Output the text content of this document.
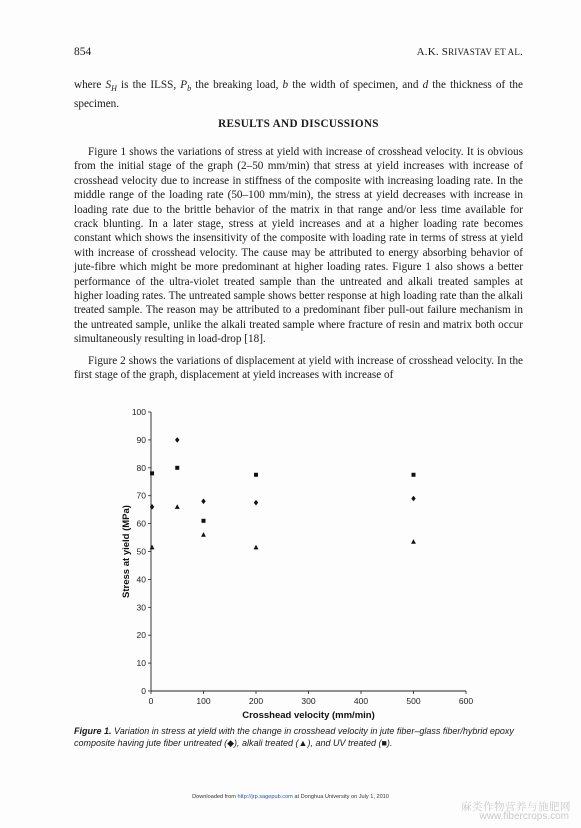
854	A.K. SRIVASTAV ET AL.
where $S_H$ is the ILSS, $P_b$ the breaking load, b the width of specimen, and d the thickness of the specimen.
RESULTS AND DISCUSSIONS
Figure 1 shows the variations of stress at yield with increase of crosshead velocity. It is obvious from the initial stage of the graph (2–50 mm/min) that stress at yield increases with increase of crosshead velocity due to increase in stiffness of the composite with increasing loading rate. In the middle range of the loading rate (50–100 mm/min), the stress at yield decreases with increase in loading rate due to the brittle behavior of the matrix in that range and/or less time available for crack blunting. In a later stage, stress at yield increases and at a higher loading rate becomes constant which shows the insensitivity of the composite with loading rate in terms of stress at yield with increase of crosshead velocity. The cause may be attributed to energy absorbing behavior of jute-fibre which might be more predominant at higher loading rates. Figure 1 also shows a better performance of the ultra-violet treated sample than the untreated and alkali treated samples at higher loading rates. The untreated sample shows better response at high loading rate than the alkali treated sample. The reason may be attributed to a predominant fiber pull-out failure mechanism in the untreated sample, unlike the alkali treated sample where fracture of resin and matrix both occur simultaneously resulting in load-drop [18].
Figure 2 shows the variations of displacement at yield with increase of crosshead velocity. In the first stage of the graph, displacement at yield increases with increase of
0
10
20
30
40
50
60
70
80
90
100
0	100	200	300	400	500	600
Crosshead velocity (mm/min)
Stress at yield (MPa)
Figure 1. Variation in stress at yield with the change in crosshead velocity in jute fiber–glass fiber/hybrid epoxy composite having jute fiber untreated (◆), alkali treated (▲), and UV treated (■).
Downloaded from http://jrp.sagepub.com at Donghua University on July 1, 2010
麻类作物营养与施肥网
www.fibercrops.com
